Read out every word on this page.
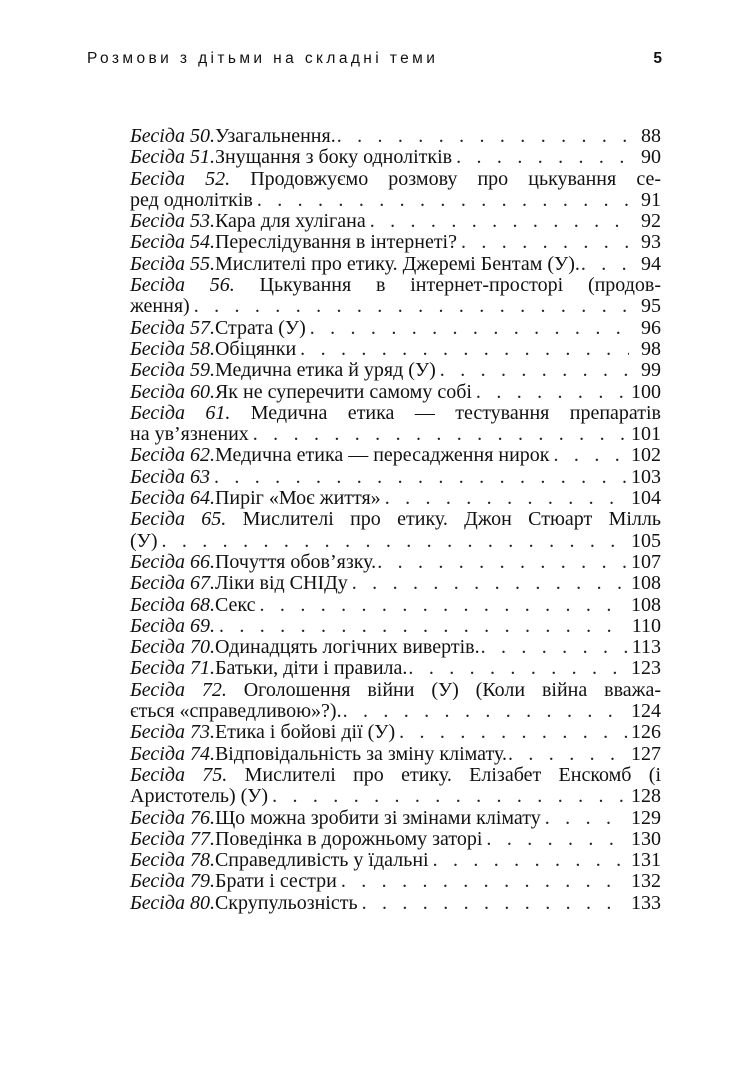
Розмови з дітьми на складні теми	5
Бесіда 50. Узагальнення. . . .	88
Бесіда 51. Знущання з боку однолітків . . .	90
Бесіда 52. Продовжуємо розмову про цькування се-
ред однолітків . . .	91
Бесіда 53. Кара для хулігана . . .	92
Бесіда 54. Переслідування в інтернеті? . . .	93
Бесіда 55. Мислителі про етику. Джеремі Бентам (У). . . .	94
Бесіда 56. Цькування в інтернет-просторі (продов-
ження) . . .	95
Бесіда 57. Страта (У) . . .	96
Бесіда 58. Обіцянки . . .	98
Бесіда 59. Медична етика й уряд (У) . . .	99
Бесіда 60. Як не суперечити самому собі . . .	100
Бесіда 61. Медична етика — тестування препаратів
на ув’язнених . . .	101
Бесіда 62. Медична етика — пересадження нирок . . .	102
Бесіда 63 . . .	103
Бесіда 64. Пиріг «Моє життя» . . .	104
Бесіда 65. Мислителі про етику. Джон Стюарт Мілль
(У) . . .	105
Бесіда 66. Почуття обов’язку. . . .	107
Бесіда 67. Ліки від СНІДу . . .	108
Бесіда 68. Секс . . .	108
Бесіда 69. . . .	110
Бесіда 70. Одинадцять логічних вивертів. . . .	113
Бесіда 71. Батьки, діти і правила. . . .	123
Бесіда 72. Оголошення війни (У) (Коли війна вважа-
ється «справедливою»?). . . .	124
Бесіда 73. Етика і бойові дії (У) . . .	126
Бесіда 74. Відповідальність за зміну клімату. . . .	127
Бесіда 75. Мислителі про етику. Елізабет Енскомб (і
Аристотель) (У) . . .	128
Бесіда 76. Що можна зробити зі змінами клімату . . .	129
Бесіда 77. Поведінка в дорожньому заторі . . .	130
Бесіда 78. Справедливість у їдальні . . .	131
Бесіда 79. Брати і сестри . . .	132
Бесіда 80. Скрупульозність . . .	133
